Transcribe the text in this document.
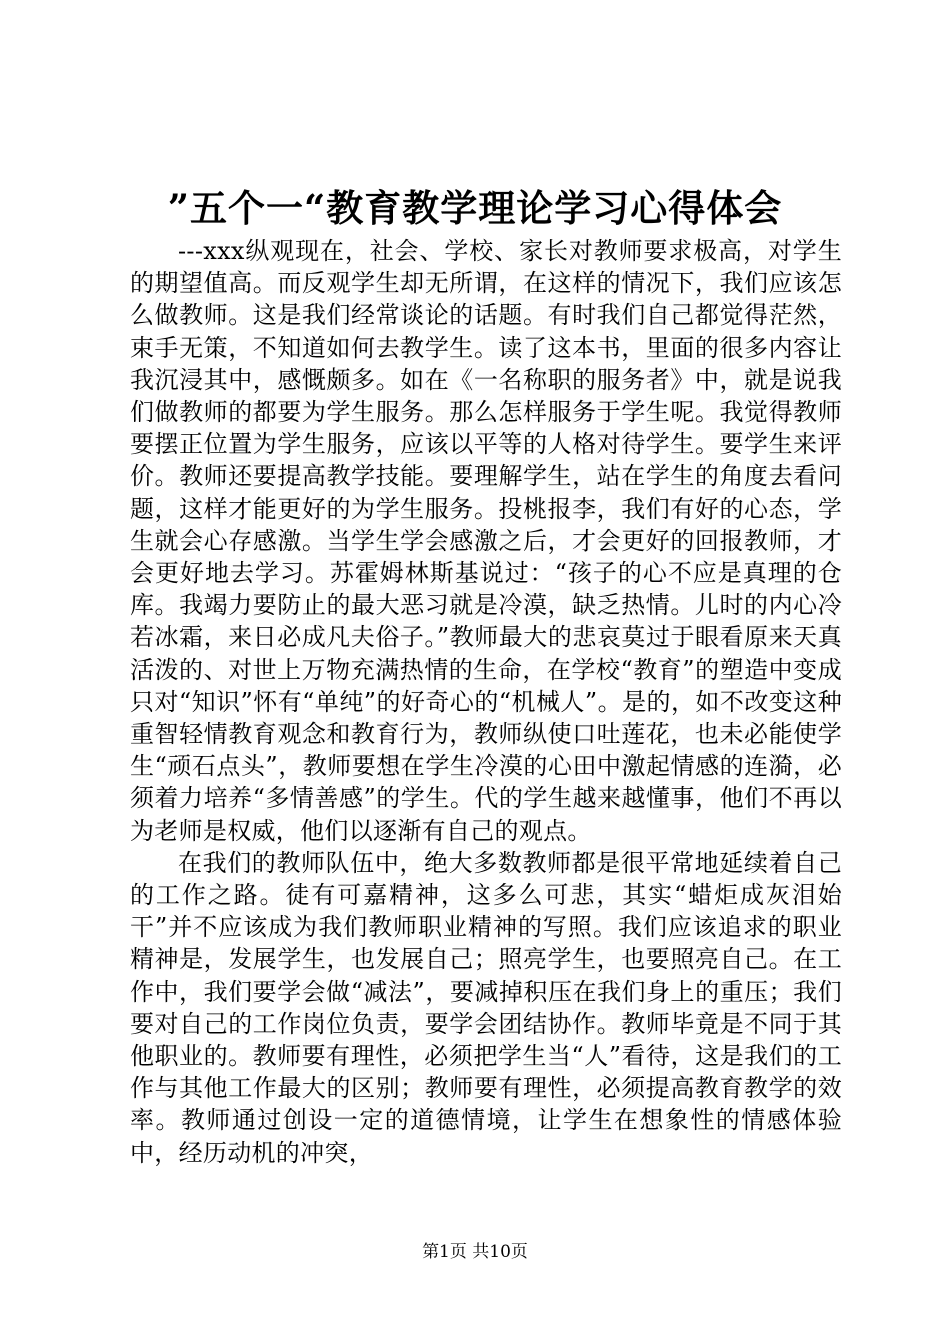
”五个一“教育教学理论学习心得体会

---xxx纵观现在，社会、学校、家长对教师要求极高，对学生的期望值高。而反观学生却无所谓，在这样的情况下，我们应该怎么做教师。这是我们经常谈论的话题。有时我们自己都觉得茫然，束手无策，不知道如何去教学生。读了这本书，里面的很多内容让我沉浸其中，感慨颇多。如在《一名称职的服务者》中，就是说我们做教师的都要为学生服务。那么怎样服务于学生呢。我觉得教师要摆正位置为学生服务，应该以平等的人格对待学生。要学生来评价。教师还要提高教学技能。要理解学生，站在学生的角度去看问题，这样才能更好的为学生服务。投桃报李，我们有好的心态，学生就会心存感激。当学生学会感激之后，才会更好的回报教师，才会更好地去学习。苏霍姆林斯基说过：“孩子的心不应是真理的仓库。我竭力要防止的最大恶习就是冷漠，缺乏热情。儿时的内心冷若冰霜，来日必成凡夫俗子。”教师最大的悲哀莫过于眼看原来天真活泼的、对世上万物充满热情的生命，在学校“教育”的塑造中变成只对“知识”怀有“单纯”的好奇心的“机械人”。是的，如不改变这种重智轻情教育观念和教育行为，教师纵使口吐莲花，也未必能使学生“顽石点头”，教师要想在学生冷漠的心田中激起情感的连漪，必须着力培养“多情善感”的学生。代的学生越来越懂事，他们不再以为老师是权威，他们以逐渐有自己的观点。

在我们的教师队伍中，绝大多数教师都是很平常地延续着自己的工作之路。徒有可嘉精神，这多么可悲，其实“蜡炬成灰泪始干”并不应该成为我们教师职业精神的写照。我们应该追求的职业精神是，发展学生，也发展自己；照亮学生，也要照亮自己。在工作中，我们要学会做“减法”，要减掉积压在我们身上的重压；我们要对自己的工作岗位负责，要学会团结协作。教师毕竟是不同于其他职业的。教师要有理性，必须把学生当“人”看待，这是我们的工作与其他工作最大的区别；教师要有理性，必须提高教育教学的效率。教师通过创设一定的道德情境，让学生在想象性的情感体验中，经历动机的冲突，

第1页 共10页
